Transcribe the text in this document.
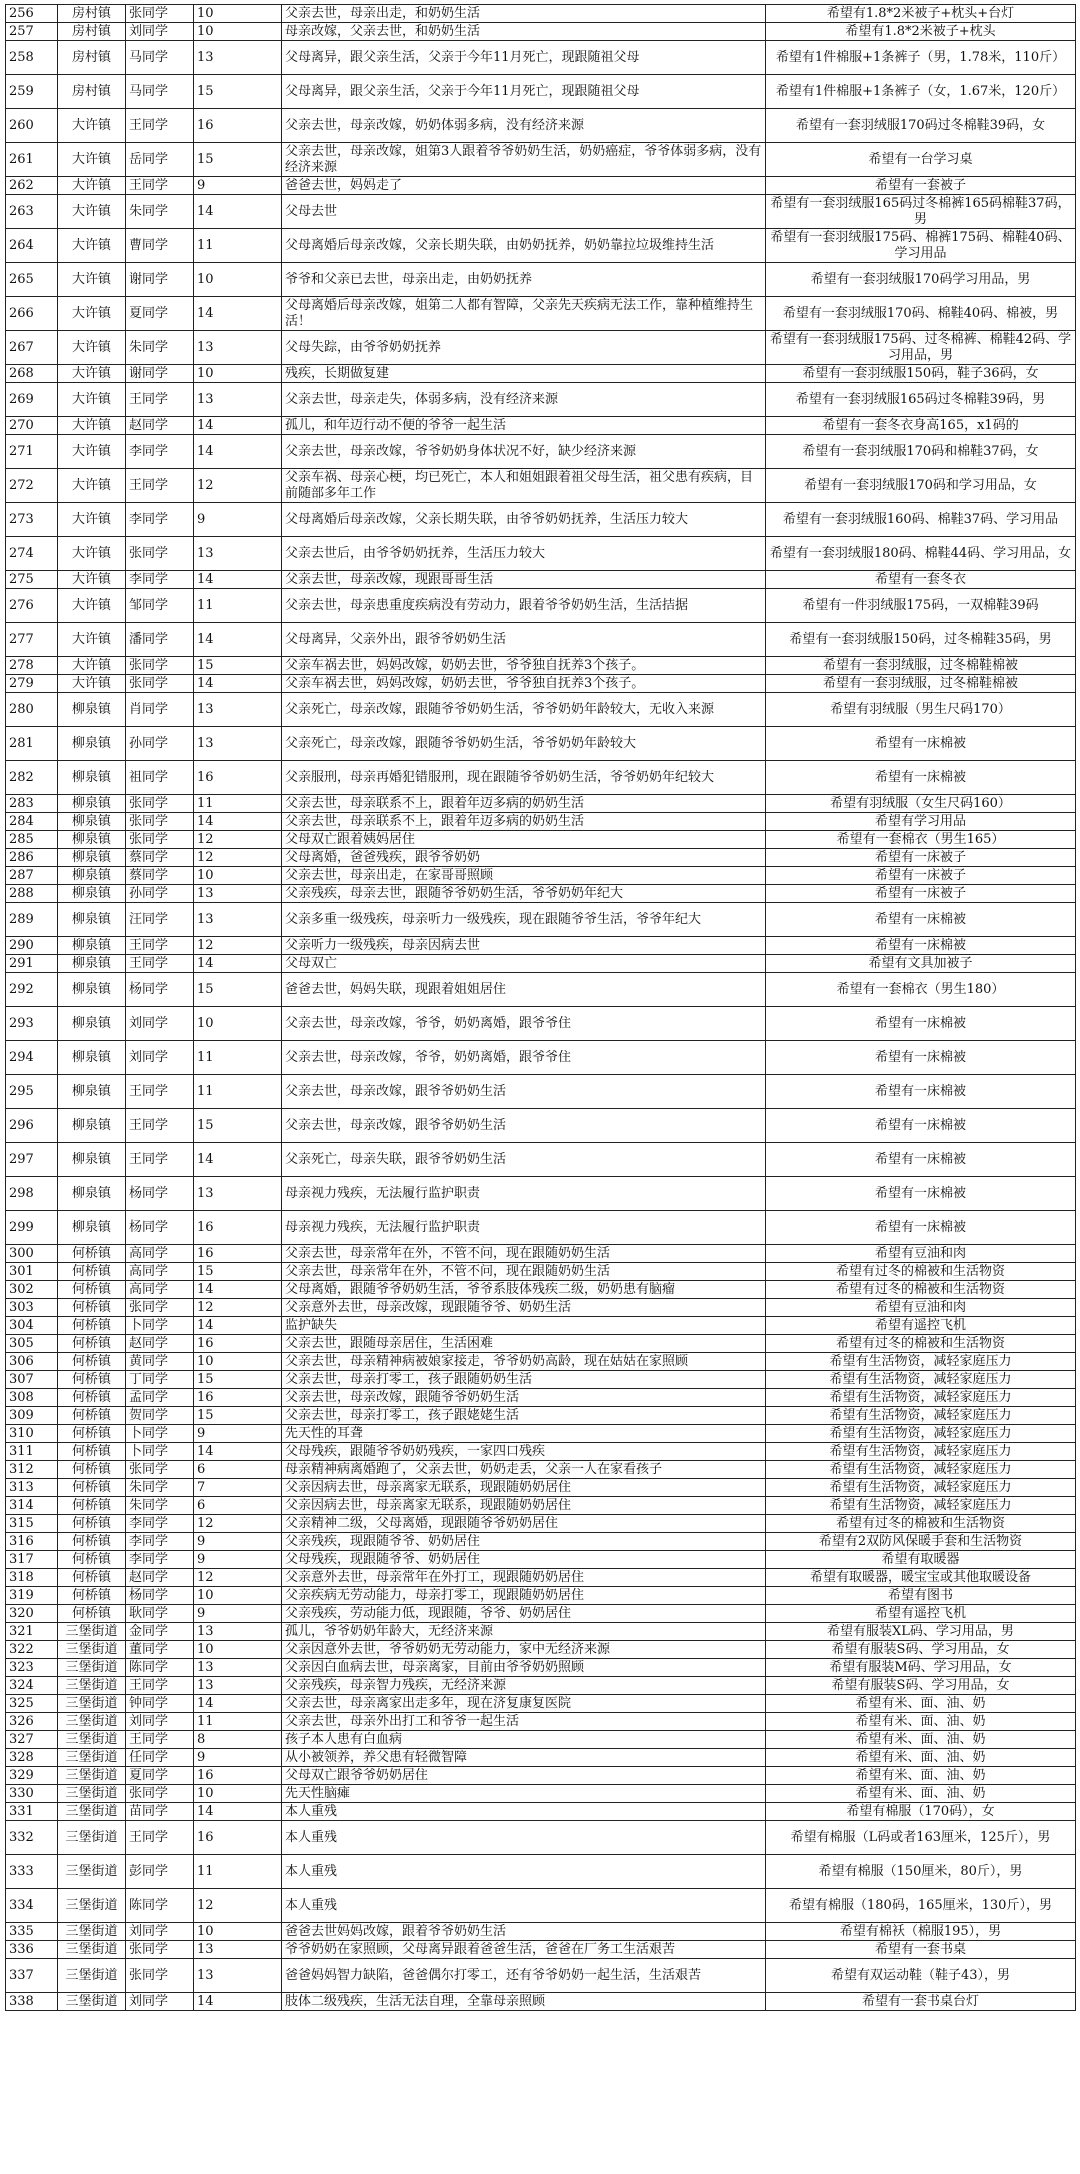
256	房村镇	张同学	10	父亲去世，母亲出走，和奶奶生活	希望有1.8*2米被子+枕头+台灯
257	房村镇	刘同学	10	母亲改嫁，父亲去世，和奶奶生活	希望有1.8*2米被子+枕头
258	房村镇	马同学	13	父母离异，跟父亲生活，父亲于今年11月死亡，现跟随祖父母	希望有1件棉服+1条裤子（男，1.78米，110斤）
259	房村镇	马同学	15	父母离异，跟父亲生活，父亲于今年11月死亡，现跟随祖父母	希望有1件棉服+1条裤子（女，1.67米，120斤）
260	大许镇	王同学	16	父亲去世，母亲改嫁，奶奶体弱多病，没有经济来源	希望有一套羽绒服170码过冬棉鞋39码，女
261	大许镇	岳同学	15	父亲去世，母亲改嫁，姐第3人跟着爷爷奶奶生活，奶奶癌症，爷爷体弱多病，没有经济来源	希望有一台学习桌
262	大许镇	王同学	9	爸爸去世，妈妈走了	希望有一套被子
263	大许镇	朱同学	14	父母去世	希望有一套羽绒服165码过冬棉裤165码棉鞋37码，男
264	大许镇	曹同学	11	父母离婚后母亲改嫁，父亲长期失联，由奶奶抚养，奶奶靠拉垃圾维持生活	希望有一套羽绒服175码、棉裤175码、棉鞋40码、学习用品
265	大许镇	谢同学	10	爷爷和父亲已去世，母亲出走，由奶奶抚养	希望有一套羽绒服170码学习用品，男
266	大许镇	夏同学	14	父母离婚后母亲改嫁，姐第二人都有智障，父亲先天疾病无法工作，靠种植维持生活！	希望有一套羽绒服170码、棉鞋40码、棉被，男
267	大许镇	朱同学	13	父母失踪，由爷爷奶奶抚养	希望有一套羽绒服175码、过冬棉裤、棉鞋42码、学习用品，男
268	大许镇	谢同学	10	残疾，长期做复建	希望有一套羽绒服150码，鞋子36码，女
269	大许镇	王同学	13	父亲去世，母亲走失，体弱多病，没有经济来源	希望有一套羽绒服165码过冬棉鞋39码，男
270	大许镇	赵同学	14	孤儿，和年迈行动不便的爷爷一起生活	希望有一套冬衣身高165，x1码的
271	大许镇	李同学	14	父亲去世，母亲改嫁，爷爷奶奶身体状况不好，缺少经济来源	希望有一套羽绒服170码和棉鞋37码，女
272	大许镇	王同学	12	父亲车祸、母亲心梗，均已死亡，本人和姐姐跟着祖父母生活，祖父患有疾病，目前随部多年工作	希望有一套羽绒服170码和学习用品，女
273	大许镇	李同学	9	父母离婚后母亲改嫁，父亲长期失联，由爷爷奶奶抚养，生活压力较大	希望有一套羽绒服160码、棉鞋37码、学习用品
274	大许镇	张同学	13	父亲去世后，由爷爷奶奶抚养，生活压力较大	希望有一套羽绒服180码、棉鞋44码、学习用品，女
275	大许镇	李同学	14	父亲去世，母亲改嫁，现跟哥哥生活	希望有一套冬衣
276	大许镇	邹同学	11	父亲去世，母亲患重度疾病没有劳动力，跟着爷爷奶奶生活，生活拮据	希望有一件羽绒服175码，一双棉鞋39码
277	大许镇	潘同学	14	父母离异，父亲外出，跟爷爷奶奶生活	希望有一套羽绒服150码，过冬棉鞋35码，男
278	大许镇	张同学	15	父亲车祸去世，妈妈改嫁，奶奶去世，爷爷独自抚养3个孩子。	希望有一套羽绒服，过冬棉鞋棉被
279	大许镇	张同学	14	父亲车祸去世，妈妈改嫁，奶奶去世，爷爷独自抚养3个孩子。	希望有一套羽绒服，过冬棉鞋棉被
280	柳泉镇	肖同学	13	父亲死亡，母亲改嫁，跟随爷爷奶奶生活，爷爷奶奶年龄较大，无收入来源	希望有羽绒服（男生尺码170）
281	柳泉镇	孙同学	13	父亲死亡，母亲改嫁，跟随爷爷奶奶生活，爷爷奶奶年龄较大	希望有一床棉被
282	柳泉镇	祖同学	16	父亲服刑，母亲再婚犯错服刑，现在跟随爷爷奶奶生活，爷爷奶奶年纪较大	希望有一床棉被
283	柳泉镇	张同学	11	父亲去世，母亲联系不上，跟着年迈多病的奶奶生活	希望有羽绒服（女生尺码160）
284	柳泉镇	张同学	14	父亲去世，母亲联系不上，跟着年迈多病的奶奶生活	希望有学习用品
285	柳泉镇	张同学	12	父母双亡跟着姨妈居住	希望有一套棉衣（男生165）
286	柳泉镇	蔡同学	12	父母离婚，爸爸残疾，跟爷爷奶奶	希望有一床被子
287	柳泉镇	蔡同学	10	父亲去世，母亲出走，在家哥哥照顾	希望有一床被子
288	柳泉镇	孙同学	13	父亲残疾，母亲去世，跟随爷爷奶奶生活，爷爷奶奶年纪大	希望有一床被子
289	柳泉镇	汪同学	13	父亲多重一级残疾，母亲听力一级残疾，现在跟随爷爷生活，爷爷年纪大	希望有一床棉被
290	柳泉镇	王同学	12	父亲听力一级残疾，母亲因病去世	希望有一床棉被
291	柳泉镇	王同学	14	父母双亡	希望有文具加被子
292	柳泉镇	杨同学	15	爸爸去世，妈妈失联，现跟着姐姐居住	希望有一套棉衣（男生180）
293	柳泉镇	刘同学	10	父亲去世，母亲改嫁，爷爷，奶奶离婚，跟爷爷住	希望有一床棉被
294	柳泉镇	刘同学	11	父亲去世，母亲改嫁，爷爷，奶奶离婚，跟爷爷住	希望有一床棉被
295	柳泉镇	王同学	11	父亲去世，母亲改嫁，跟爷爷奶奶生活	希望有一床棉被
296	柳泉镇	王同学	15	父亲去世，母亲改嫁，跟爷爷奶奶生活	希望有一床棉被
297	柳泉镇	王同学	14	父亲死亡，母亲失联，跟爷爷奶奶生活	希望有一床棉被
298	柳泉镇	杨同学	13	母亲视力残疾，无法履行监护职责	希望有一床棉被
299	柳泉镇	杨同学	16	母亲视力残疾，无法履行监护职责	希望有一床棉被
300	何桥镇	高同学	16	父亲去世，母亲常年在外，不管不问，现在跟随奶奶生活	希望有豆油和肉
301	何桥镇	高同学	15	父亲去世，母亲常年在外，不管不问，现在跟随奶奶生活	希望有过冬的棉被和生活物资
302	何桥镇	高同学	14	父母离婚，跟随爷爷奶奶生活，爷爷系肢体残疾二级，奶奶患有脑瘤	希望有过冬的棉被和生活物资
303	何桥镇	张同学	12	父亲意外去世，母亲改嫁，现跟随爷爷、奶奶生活	希望有豆油和肉
304	何桥镇	卜同学	14	监护缺失	希望有遥控飞机
305	何桥镇	赵同学	16	父亲去世，跟随母亲居住，生活困难	希望有过冬的棉被和生活物资
306	何桥镇	黄同学	10	父亲去世，母亲精神病被娘家接走，爷爷奶奶高龄，现在姑姑在家照顾	希望有生活物资，减轻家庭压力
307	何桥镇	丁同学	15	父亲去世，母亲打零工，孩子跟随奶奶生活	希望有生活物资，减轻家庭压力
308	何桥镇	孟同学	16	父亲去世，母亲改嫁，跟随爷爷奶奶生活	希望有生活物资，减轻家庭压力
309	何桥镇	贺同学	15	父亲去世，母亲打零工，孩子跟姥姥生活	希望有生活物资，减轻家庭压力
310	何桥镇	卜同学	9	先天性的耳聋	希望有生活物资，减轻家庭压力
311	何桥镇	卜同学	14	父母残疾，跟随爷爷奶奶残疾，一家四口残疾	希望有生活物资，减轻家庭压力
312	何桥镇	张同学	6	母亲精神病离婚跑了，父亲去世，奶奶走丢，父亲一人在家看孩子	希望有生活物资，减轻家庭压力
313	何桥镇	朱同学	7	父亲因病去世，母亲离家无联系，现跟随奶奶居住	希望有生活物资，减轻家庭压力
314	何桥镇	朱同学	6	父亲因病去世，母亲离家无联系，现跟随奶奶居住	希望有生活物资，减轻家庭压力
315	何桥镇	李同学	12	父亲精神二级，父母离婚，现跟随爷爷奶奶居住	希望有过冬的棉被和生活物资
316	何桥镇	李同学	9	父亲残疾，现跟随爷爷、奶奶居住	希望有2双防风保暖手套和生活物资
317	何桥镇	李同学	9	父母残疾，现跟随爷爷、奶奶居住	希望有取暖器
318	何桥镇	赵同学	12	父亲意外去世，母亲常年在外打工，现跟随奶奶居住	希望有取暖器，暖宝宝或其他取暖设备
319	何桥镇	杨同学	10	父亲疾病无劳动能力，母亲打零工，现跟随奶奶居住	希望有图书
320	何桥镇	耿同学	9	父亲残疾，劳动能力低，现跟随，爷爷、奶奶居住	希望有遥控飞机
321	三堡街道	金同学	13	孤儿，爷爷奶奶年龄大，无经济来源	希望有服装XL码、学习用品，男
322	三堡街道	董同学	10	父亲因意外去世，爷爷奶奶无劳动能力，家中无经济来源	希望有服装S码、学习用品，女
323	三堡街道	陈同学	13	父亲因白血病去世，母亲离家，目前由爷爷奶奶照顾	希望有服装M码、学习用品，女
324	三堡街道	王同学	13	父亲残疾，母亲智力残疾，无经济来源	希望有服装S码、学习用品，女
325	三堡街道	钟同学	14	父亲去世，母亲离家出走多年，现在济复康复医院	希望有米、面、油、奶
326	三堡街道	刘同学	11	父亲去世，母亲外出打工和爷爷一起生活	希望有米、面、油、奶
327	三堡街道	王同学	8	孩子本人患有白血病	希望有米、面、油、奶
328	三堡街道	任同学	9	从小被领养，养父患有轻微智障	希望有米、面、油、奶
329	三堡街道	夏同学	16	父母双亡跟爷爷奶奶居住	希望有米、面、油、奶
330	三堡街道	张同学	10	先天性脑瘫	希望有米、面、油、奶
331	三堡街道	苗同学	14	本人重残	希望有棉服（170码），女
332	三堡街道	王同学	16	本人重残	希望有棉服（L码或者163厘米，125斤），男
333	三堡街道	彭同学	11	本人重残	希望有棉服（150厘米，80斤），男
334	三堡街道	陈同学	12	本人重残	希望有棉服（180码，165厘米，130斤），男
335	三堡街道	刘同学	10	爸爸去世妈妈改嫁，跟着爷爷奶奶生活	希望有棉袄（棉服195），男
336	三堡街道	张同学	13	爷爷奶奶在家照顾，父母离异跟着爸爸生活，爸爸在厂务工生活艰苦	希望有一套书桌
337	三堡街道	张同学	13	爸爸妈妈智力缺陷，爸爸偶尔打零工，还有爷爷奶奶一起生活，生活艰苦	希望有双运动鞋（鞋子43），男
338	三堡街道	刘同学	14	肢体二级残疾，生活无法自理，全靠母亲照顾	希望有一套书桌台灯
